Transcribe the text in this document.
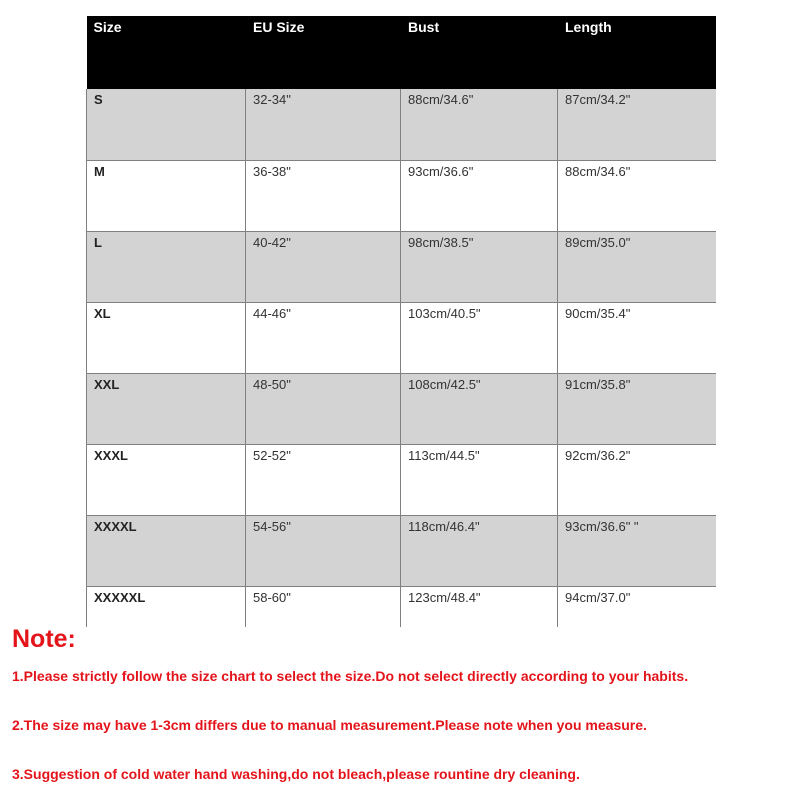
Size	EU Size	Bust	Length
S	32-34"	88cm/34.6"	87cm/34.2"
M	36-38"	93cm/36.6"	88cm/34.6"
L	40-42"	98cm/38.5"	89cm/35.0"
XL	44-46"	103cm/40.5"	90cm/35.4"
XXL	48-50"	108cm/42.5"	91cm/35.8"
XXXL	52-52"	113cm/44.5"	92cm/36.2"
XXXXL	54-56"	118cm/46.4"	93cm/36.6" "
XXXXXL	58-60"	123cm/48.4"	94cm/37.0"

Note:

1.Please strictly follow the size chart to select the size.Do not select directly according to your habits.

2.The size may have 1-3cm differs due to manual measurement.Please note when you measure.

3.Suggestion of cold water hand washing,do not bleach,please rountine dry cleaning.
